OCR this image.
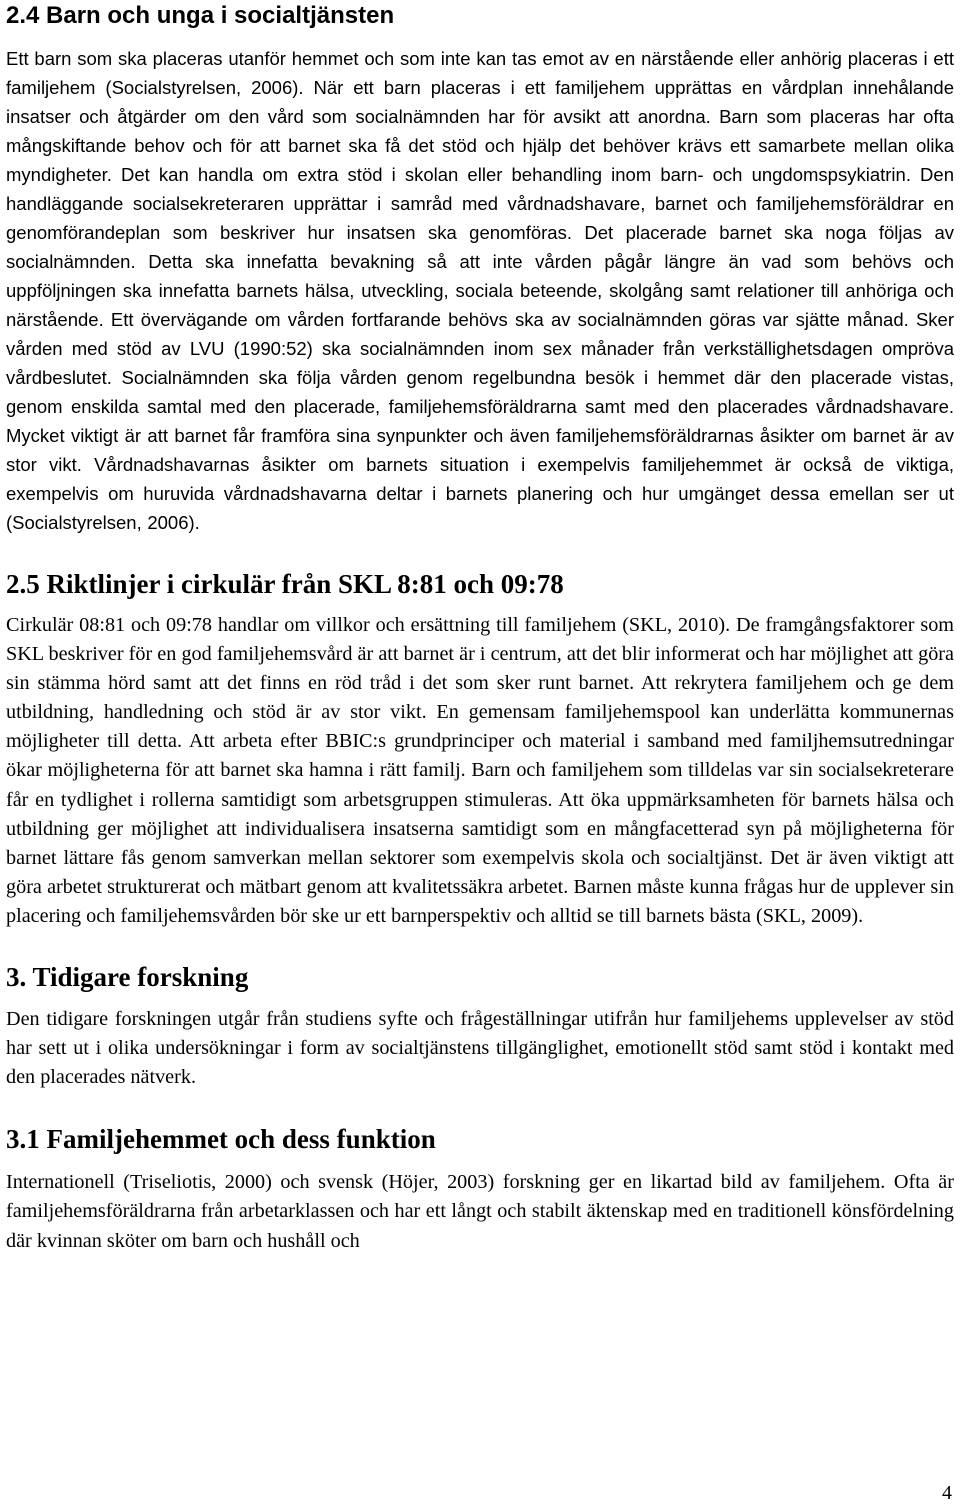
2.4 Barn och unga i socialtjänsten

Ett barn som ska placeras utanför hemmet och som inte kan tas emot av en närstående eller anhörig placeras i ett familjehem (Socialstyrelsen, 2006). När ett barn placeras i ett familjehem upprättas en vårdplan innehålande insatser och åtgärder om den vård som socialnämnden har för avsikt att anordna. Barn som placeras har ofta mångskiftande behov och för att barnet ska få det stöd och hjälp det behöver krävs ett samarbete mellan olika myndigheter. Det kan handla om extra stöd i skolan eller behandling inom barn- och ungdomspsykiatrin. Den handläggande socialsekreteraren upprättar i samråd med vårdnadshavare, barnet och familjehemsföräldrar en genomförandeplan som beskriver hur insatsen ska genomföras. Det placerade barnet ska noga följas av socialnämnden. Detta ska innefatta bevakning så att inte vården pågår längre än vad som behövs och uppföljningen ska innefatta barnets hälsa, utveckling, sociala beteende, skolgång samt relationer till anhöriga och närstående. Ett övervägande om vården fortfarande behövs ska av socialnämnden göras var sjätte månad. Sker vården med stöd av LVU (1990:52) ska socialnämnden inom sex månader från verkställighetsdagen ompröva vårdbeslutet. Socialnämnden ska följa vården genom regelbundna besök i hemmet där den placerade vistas, genom enskilda samtal med den placerade, familjehemsföräldrarna samt med den placerades vårdnadshavare. Mycket viktigt är att barnet får framföra sina synpunkter och även familjehemsföräldrarnas åsikter om barnet är av stor vikt. Vårdnadshavarnas åsikter om barnets situation i exempelvis familjehemmet är också de viktiga, exempelvis om huruvida vårdnadshavarna deltar i barnets planering och hur umgänget dessa emellan ser ut (Socialstyrelsen, 2006).

2.5 Riktlinjer i cirkulär från SKL 8:81 och 09:78

Cirkulär 08:81 och 09:78 handlar om villkor och ersättning till familjehem (SKL, 2010). De framgångsfaktorer som SKL beskriver för en god familjehemsvård är att barnet är i centrum, att det blir informerat och har möjlighet att göra sin stämma hörd samt att det finns en röd tråd i det som sker runt barnet. Att rekrytera familjehem och ge dem utbildning, handledning och stöd är av stor vikt. En gemensam familjehemspool kan underlätta kommunernas möjligheter till detta. Att arbeta efter BBIC:s grundprinciper och material i samband med familjhemsutredningar ökar möjligheterna för att barnet ska hamna i rätt familj. Barn och familjehem som tilldelas var sin socialsekreterare får en tydlighet i rollerna samtidigt som arbetsgruppen stimuleras. Att öka uppmärksamheten för barnets hälsa och utbildning ger möjlighet att individualisera insatserna samtidigt som en mångfacetterad syn på möjligheterna för barnet lättare fås genom samverkan mellan sektorer som exempelvis skola och socialtjänst. Det är även viktigt att göra arbetet strukturerat och mätbart genom att kvalitetssäkra arbetet. Barnen måste kunna frågas hur de upplever sin placering och familjehemsvården bör ske ur ett barnperspektiv och alltid se till barnets bästa (SKL, 2009).

3. Tidigare forskning

Den tidigare forskningen utgår från studiens syfte och frågeställningar utifrån hur familjehems upplevelser av stöd har sett ut i olika undersökningar i form av socialtjänstens tillgänglighet, emotionellt stöd samt stöd i kontakt med den placerades nätverk.

3.1 Familjehemmet och dess funktion

Internationell (Triseliotis, 2000) och svensk (Höjer, 2003) forskning ger en likartad bild av familjehem. Ofta är familjehemsföräldrarna från arbetarklassen och har ett långt och stabilt äktenskap med en traditionell könsfördelning där kvinnan sköter om barn och hushåll och

4
